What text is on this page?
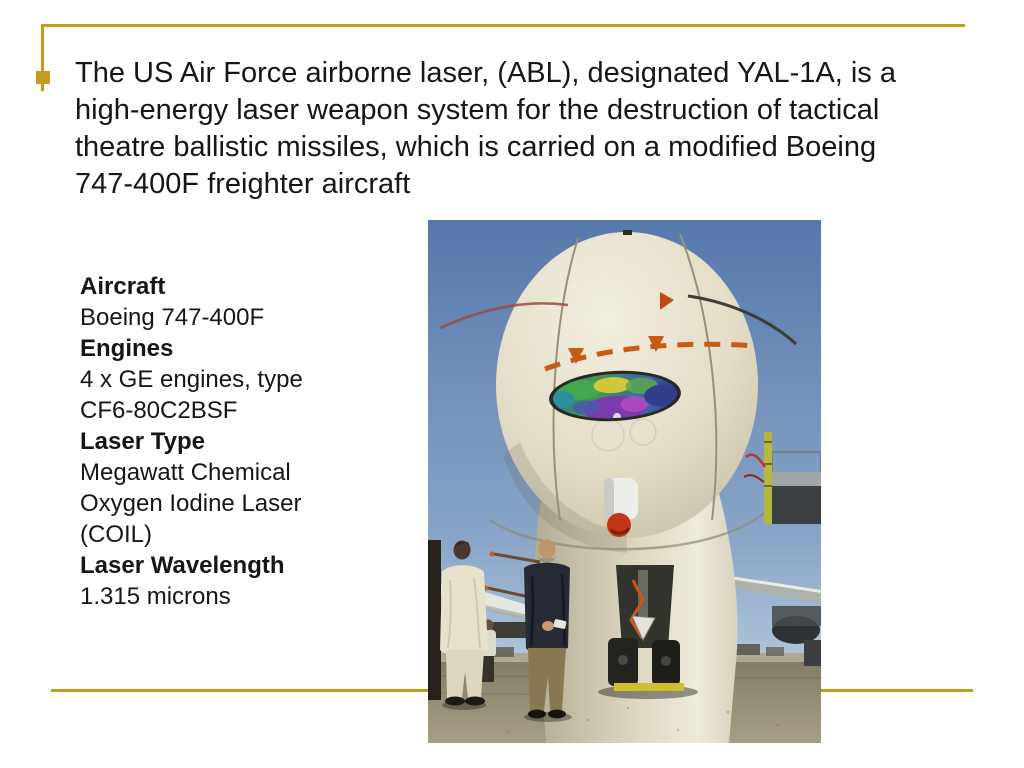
The US Air Force airborne laser, (ABL), designated YAL-1A, is a
high-energy laser weapon system for the destruction of tactical
theatre ballistic missiles, which is carried on a modified Boeing
747-400F freighter aircraft
Aircraft
Boeing 747-400F
Engines
4 x GE engines, type
CF6-80C2BSF
Laser Type
Megawatt Chemical
Oxygen Iodine Laser
(COIL)
Laser Wavelength
1.315 microns
